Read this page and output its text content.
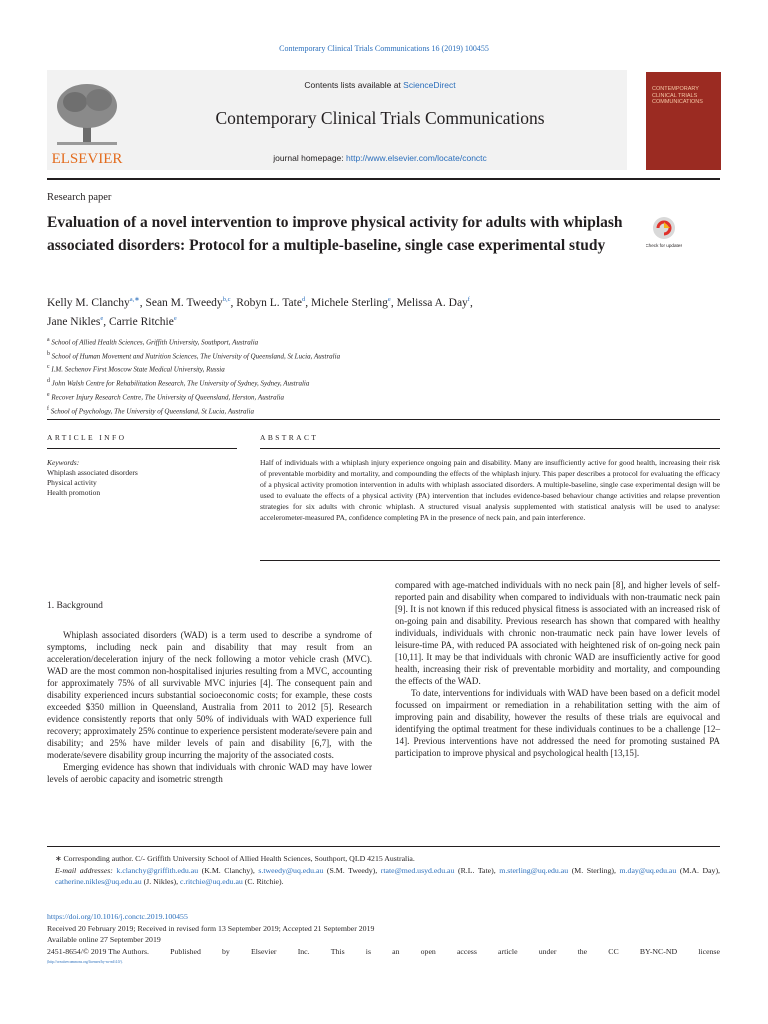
Contemporary Clinical Trials Communications 16 (2019) 100455
ELSEVIER
Contents lists available at ScienceDirect
Contemporary Clinical Trials Communications
journal homepage: http://www.elsevier.com/locate/conctc
CONTEMPORARY CLINICAL TRIALS COMMUNICATIONS
Research paper
Evaluation of a novel intervention to improve physical activity for adults with whiplash associated disorders: Protocol for a multiple-baseline, single case experimental study	Check for updates
Kelly M. Clanchy$^{a,∗}$, Sean M. Tweedy$^{b,c}$, Robyn L. Tate$^d$, Michele Sterling$^e$, Melissa A. Day$^f$,
Jane Nikles$^e$, Carrie Ritchie$^e$
$^a$ School of Allied Health Sciences, Griffith University, Southport, Australia
$^b$ School of Human Movement and Nutrition Sciences, The University of Queensland, St Lucia, Australia
$^c$ I.M. Sechenov First Moscow State Medical University, Russia
$^d$ John Walsh Centre for Rehabilitation Research, The University of Sydney, Sydney, Australia
$^e$ Recover Injury Research Centre, The University of Queensland, Herston, Australia
$^f$ School of Psychology, The University of Queensland, St Lucia, Australia
ARTICLE INFO	ABSTRACT
Keywords:
Whiplash associated disorders
Physical activity
Health promotion
Half of individuals with a whiplash injury experience ongoing pain and disability. Many are insufficiently active for good health, increasing their risk of preventable morbidity and mortality, and compounding the effects of the whiplash injury. This paper describes a protocol for evaluating the efficacy of a physical activity promotion intervention in adults with whiplash associated disorders. A multiple-baseline, single case experimental design will be used to evaluate the effects of a physical activity (PA) intervention that includes evidence-based behaviour change activities and relapse prevention strategies for six adults with chronic whiplash. A structured visual analysis supplemented with statistical analysis will be used to analyse: accelerometer-measured PA, confidence completing PA in the presence of neck pain, and pain interference.
1. Background

Whiplash associated disorders (WAD) is a term used to describe a syndrome of symptoms, including neck pain and disability that may result from an acceleration/deceleration injury of the neck following a motor vehicle crash (MVC). WAD are the most common non-hospitalised injuries resulting from a MVC, accounting for approximately 75% of all survivable MVC injuries [4]. The consequent pain and disability experienced incurs substantial socioeconomic costs; for example, these costs exceeded $350 million in Queensland, Australia from 2011 to 2012 [5]. Research evidence consistently reports that only 50% of individuals with WAD experience full recovery; approximately 25% continue to experience persistent moderate/severe pain and disability; and 25% have milder levels of pain and disability [6,7], with the moderate/severe disability group incurring the majority of the associated costs.

Emerging evidence has shown that individuals with chronic WAD may have lower levels of aerobic capacity and isometric strength

compared with age-matched individuals with no neck pain [8], and higher levels of self-reported pain and disability when compared to individuals with non-traumatic neck pain [9]. It is not known if this reduced physical fitness is associated with an increased risk of on-going pain and disability. Previous research has shown that compared with healthy individuals, individuals with chronic non-traumatic neck pain have lower levels of leisure-time PA, with reduced PA associated with heightened risk of on-going neck pain [10,11]. It may be that individuals with chronic WAD are insufficiently active for good health, increasing their risk of preventable morbidity and mortality, and compounding the effects of the WAD.

To date, interventions for individuals with WAD have been based on a deficit model focussed on impairment or remediation in a rehabilitation setting with the aim of improving pain and disability, however the results of these trials are equivocal and identifying the optimal treatment for these individuals continues to be a challenge [12–14]. Previous interventions have not addressed the need for promoting sustained PA participation to improve physical and psychological health [13,15].

∗ Corresponding author. C/- Griffith University School of Allied Health Sciences, Southport, QLD 4215 Australia.
E-mail addresses: k.clanchy@griffith.edu.au (K.M. Clanchy), s.tweedy@uq.edu.au (S.M. Tweedy), rtate@med.usyd.edu.au (R.L. Tate), m.sterling@uq.edu.au (M. Sterling), m.day@uq.edu.au (M.A. Day), catherine.nikles@uq.edu.au (J. Nikles), c.ritchie@uq.edu.au (C. Ritchie).
https://doi.org/10.1016/j.conctc.2019.100455
Received 20 February 2019; Received in revised form 13 September 2019; Accepted 21 September 2019
Available online 27 September 2019
2451-8654/© 2019 The Authors.	Published	by	Elsevier	Inc.	This	is	an	open	access	article	under	the	CC	BY-NC-ND	license
(http://creativecommons.org/licenses/by-nc-nd/4.0/).
